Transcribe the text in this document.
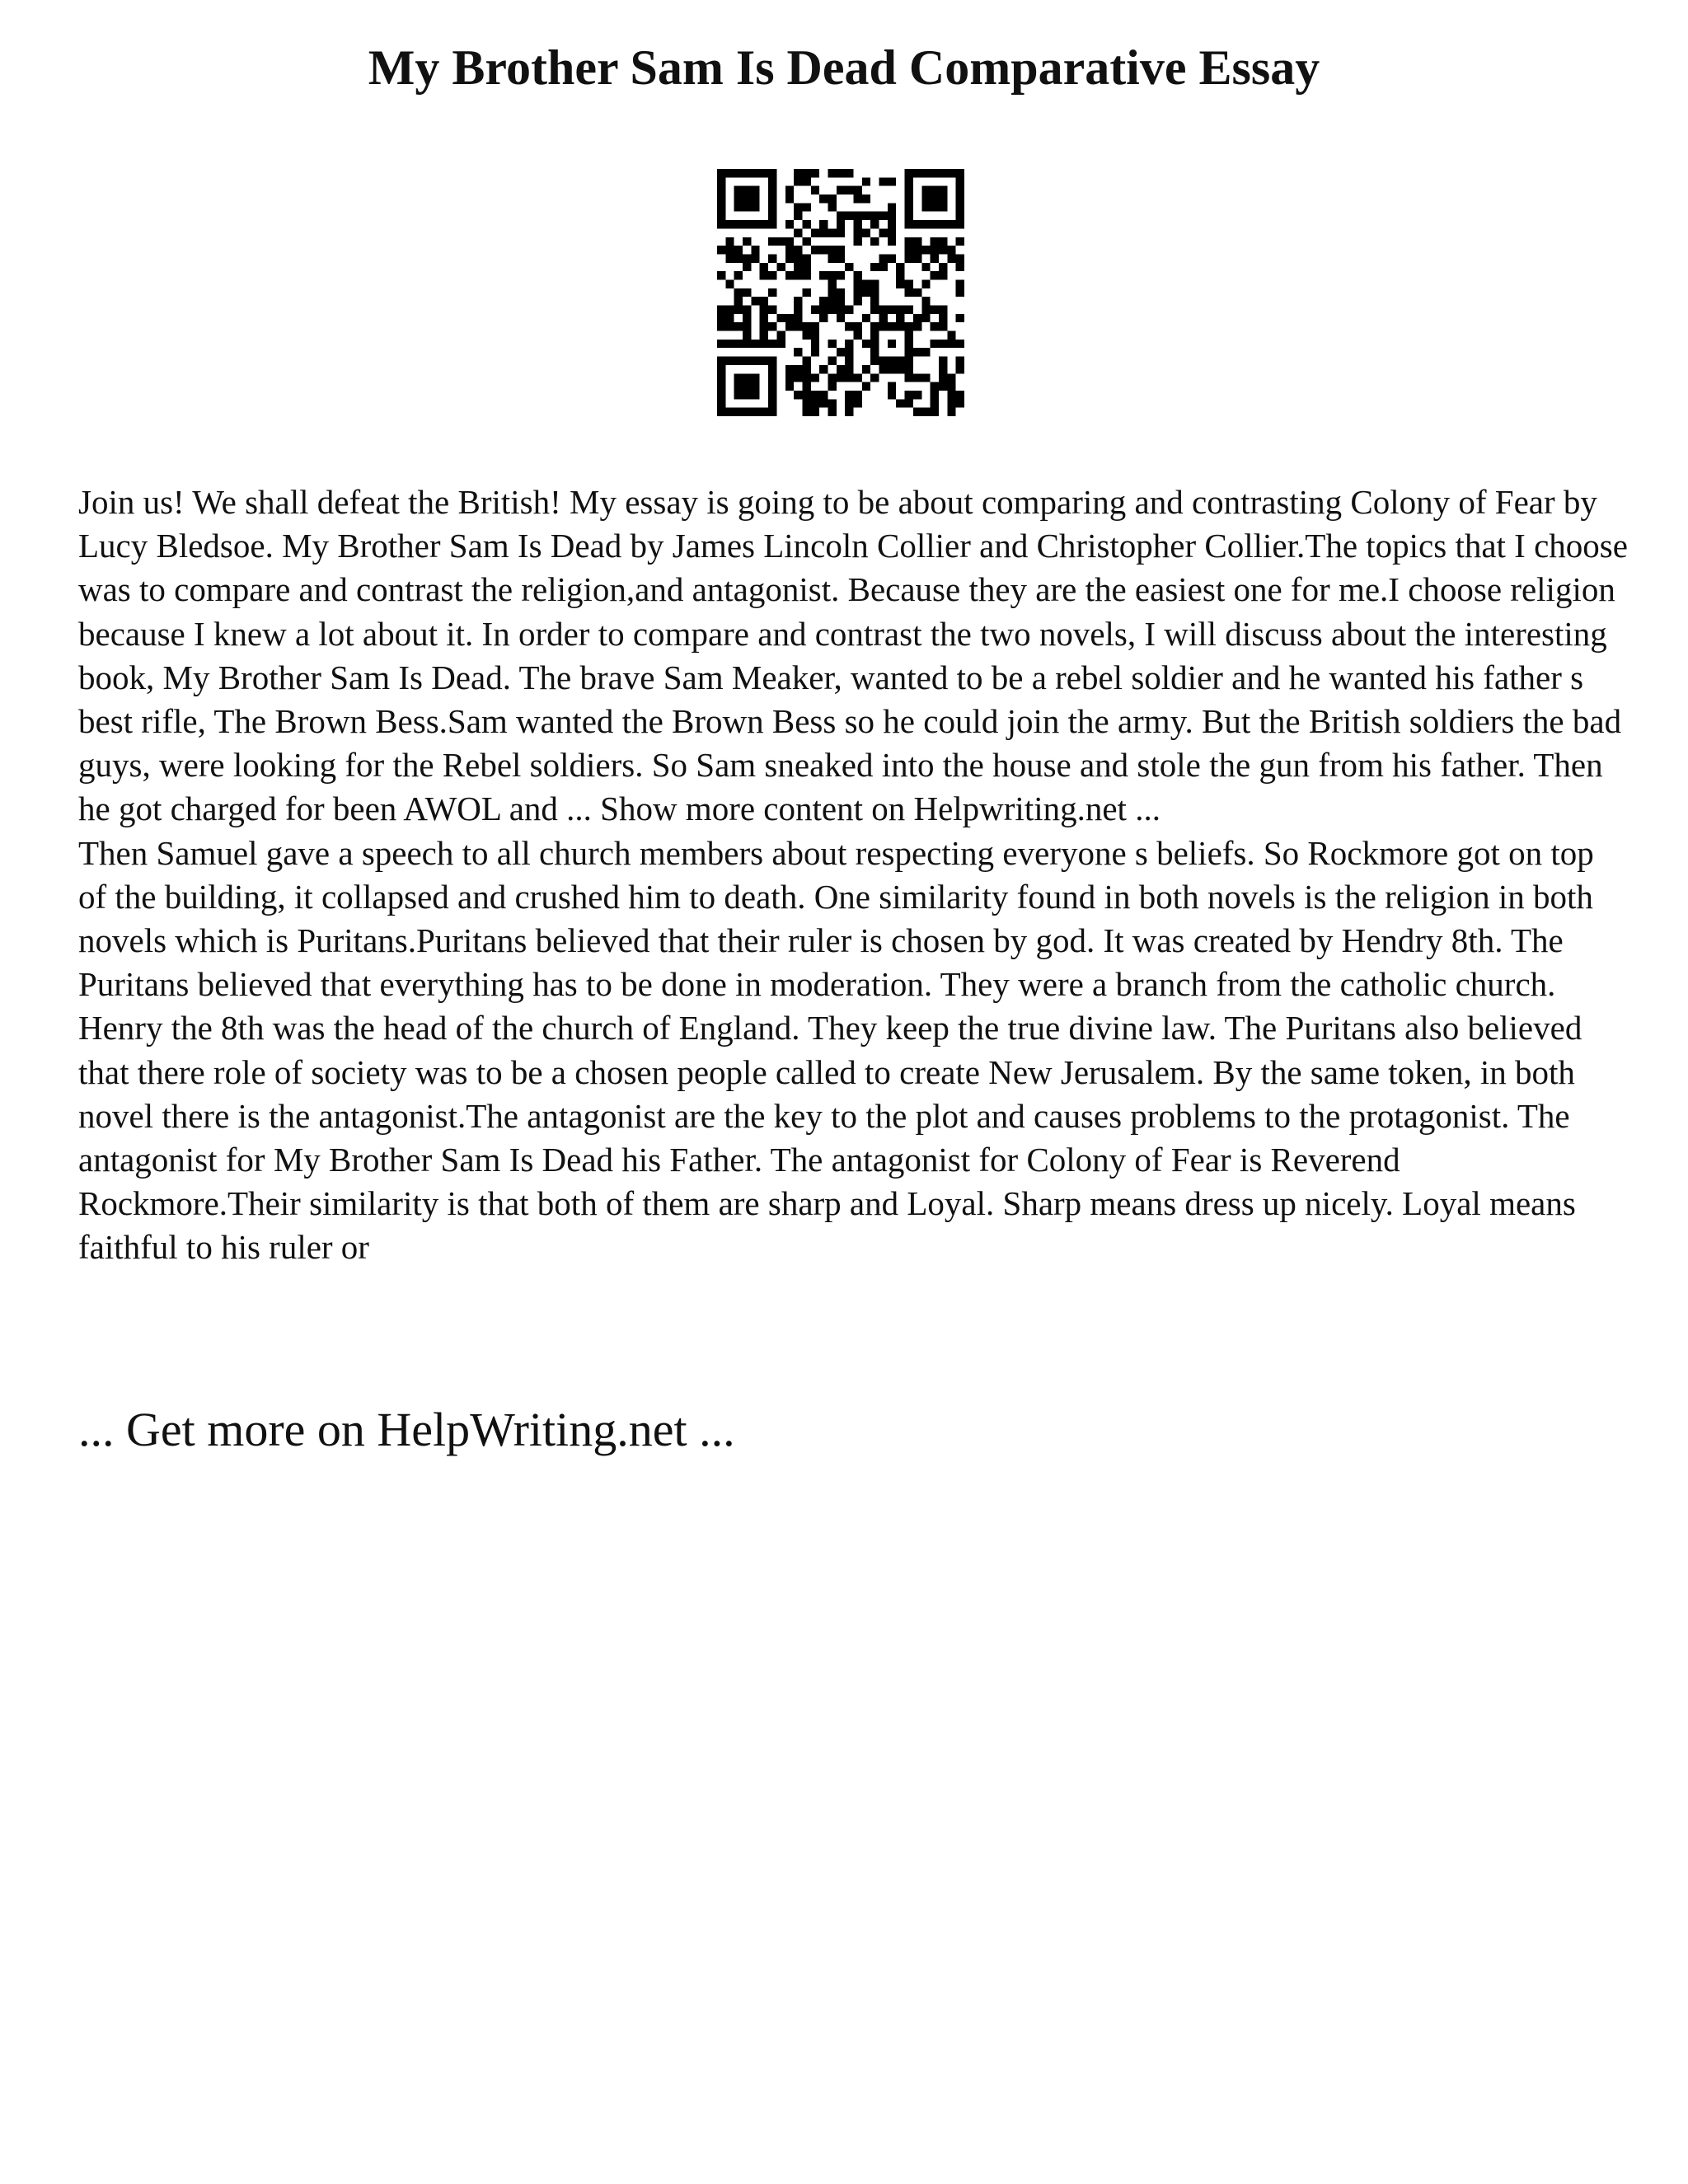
My Brother Sam Is Dead Comparative Essay

Join us! We shall defeat the British! My essay is going to be about comparing and contrasting Colony of Fear by Lucy Bledsoe. My Brother Sam Is Dead by James Lincoln Collier and Christopher Collier.The topics that I choose was to compare and contrast the religion,and antagonist. Because they are the easiest one for me.I choose religion because I knew a lot about it. In order to compare and contrast the two novels, I will discuss about the interesting book, My Brother Sam Is Dead. The brave Sam Meaker, wanted to be a rebel soldier and he wanted his father s best rifle, The Brown Bess.Sam wanted the Brown Bess so he could join the army. But the British soldiers the bad guys, were looking for the Rebel soldiers. So Sam sneaked into the house and stole the gun from his father. Then he got charged for been AWOL and ... Show more content on Helpwriting.net ...

Then Samuel gave a speech to all church members about respecting everyone s beliefs. So Rockmore got on top of the building, it collapsed and crushed him to death. One similarity found in both novels is the religion in both novels which is Puritans.Puritans believed that their ruler is chosen by god. It was created by Hendry 8th. The Puritans believed that everything has to be done in moderation. They were a branch from the catholic church. Henry the 8th was the head of the church of England. They keep the true divine law. The Puritans also believed that there role of society was to be a chosen people called to create New Jerusalem. By the same token, in both novel there is the antagonist.The antagonist are the key to the plot and causes problems to the protagonist. The antagonist for My Brother Sam Is Dead his Father. The antagonist for Colony of Fear is Reverend Rockmore.Their similarity is that both of them are sharp and Loyal. Sharp means dress up nicely. Loyal means faithful to his ruler or

... Get more on HelpWriting.net ...
